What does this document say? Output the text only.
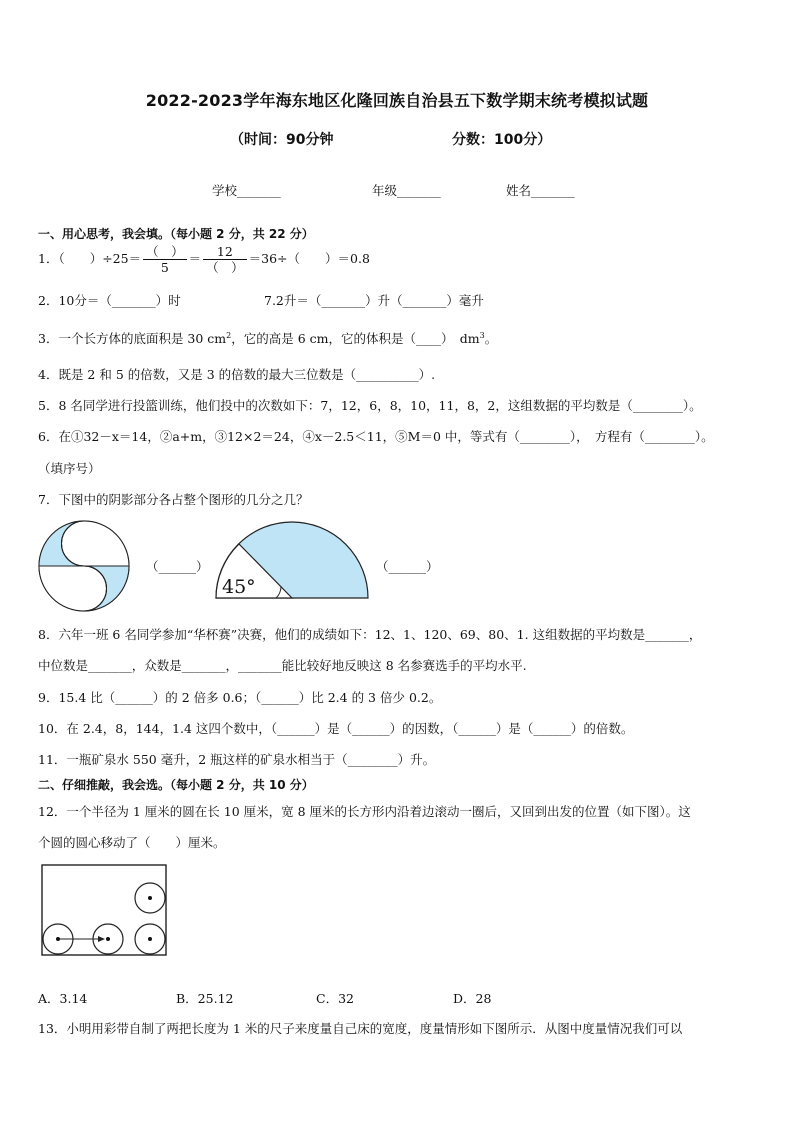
2022-2023学年海东地区化隆回族自治县五下数学期末统考模拟试题
（时间：90分钟	分数：100分）
学校_______	年级_______	姓名_______
一、用心思考，我会填。（每小题 2 分，共 22 分）
1．（　　）$\div 25= \frac{( )}{5} = \frac{12}{( )} =36\div$（　　）＝0.8
2．10分＝（_______）时	7.2升＝（_______）升（_______）毫升
3．一个长方体的底面积是 30 $cm^2$，它的高是 6 cm，它的体积是（____）　$dm^3$。
4．既是 2 和 5 的倍数，又是 3 的倍数的最大三位数是（__________）.
5．8 名同学进行投篮训练，他们投中的次数如下：7，12，6，8，10，11，8，2，这组数据的平均数是（________）。
6．在①32－x＝14，②a+m，③12×2＝24，④x－2.5＜11，⑤M＝0 中，等式有（________），　方程有（________）。
（填序号）
7．下图中的阴影部分各占整个图形的几分之几？
（______）
45°
（______）
8．六年一班 6 名同学参加“华杯赛”决赛，他们的成绩如下：12、1、120、69、80、1. 这组数据的平均数是_______，
中位数是_______，众数是_______，_______能比较好地反映这 8 名参赛选手的平均水平.
9．15.4 比（______）的 2 倍多 0.6；（______）比 2.4 的 3 倍少 0.2。
10．在 2.4，8，144，1.4 这四个数中，（______）是（______）的因数，（______）是（______）的倍数。
11．一瓶矿泉水 550 毫升，2 瓶这样的矿泉水相当于（________）升。
二、仔细推敲，我会选。（每小题 2 分，共 10 分）
12．一个半径为 1 厘米的圆在长 10 厘米，宽 8 厘米的长方形内沿着边滚动一圈后，又回到出发的位置（如下图）。这
个圆的圆心移动了（　　）厘米。
A．3.14	B．25.12	C．32	D．28
13．小明用彩带自制了两把长度为 1 米的尺子来度量自己床的宽度，度量情形如下图所示．从图中度量情况我们可以
